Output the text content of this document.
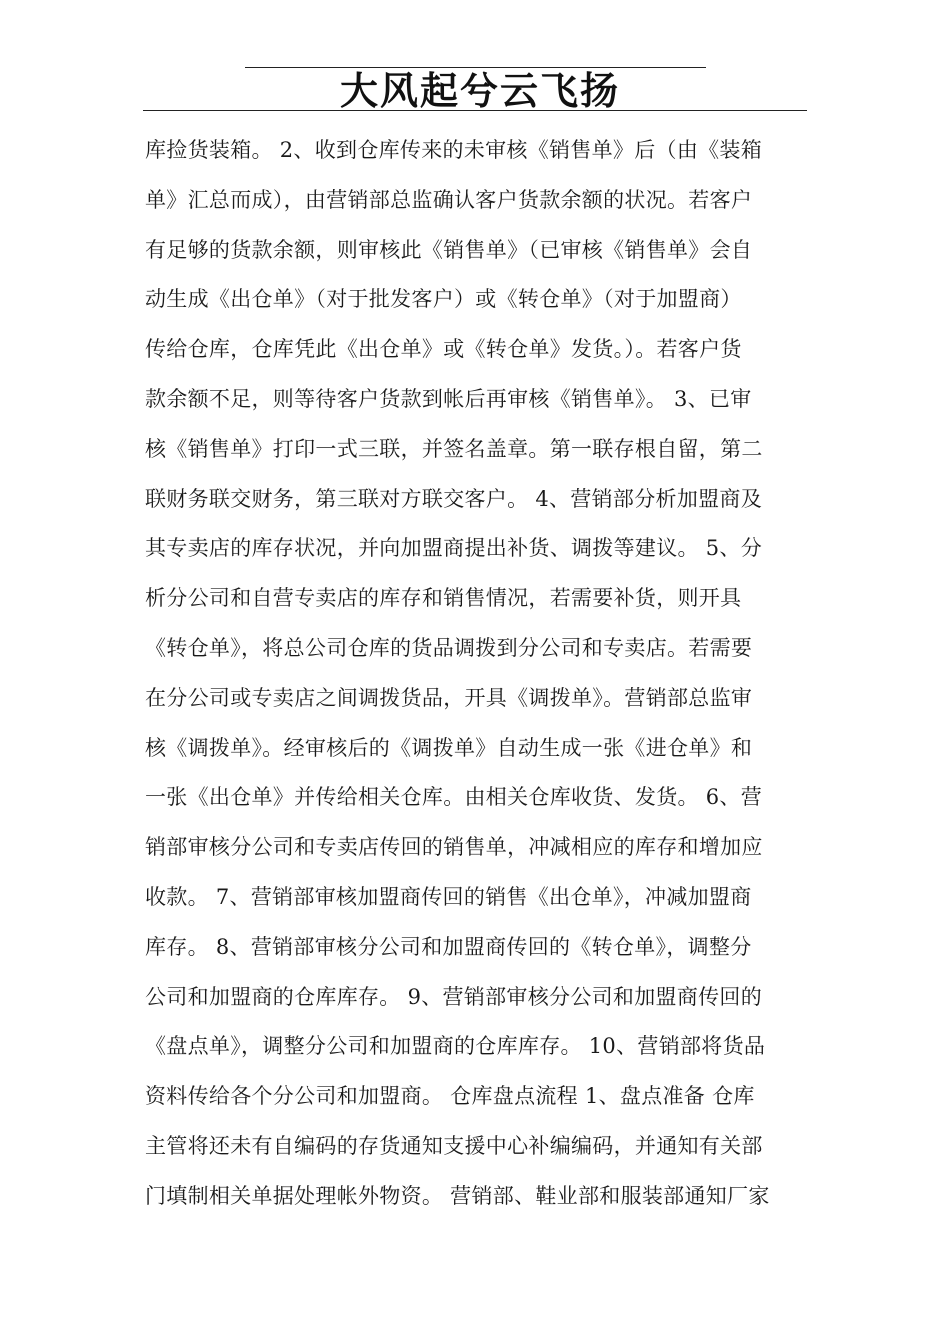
大风起兮云飞扬
库捡货装箱。 2、收到仓库传来的未审核《销售单》后（由《装箱
单》汇总而成），由营销部总监确认客户货款余额的状况。若客户
有足够的货款余额，则审核此《销售单》（已审核《销售单》会自
动生成《出仓单》（对于批发客户）或《转仓单》（对于加盟商）
传给仓库，仓库凭此《出仓单》或《转仓单》发货。）。若客户货
款余额不足，则等待客户货款到帐后再审核《销售单》。 3、已审
核《销售单》打印一式三联，并签名盖章。第一联存根自留，第二
联财务联交财务，第三联对方联交客户。 4、营销部分析加盟商及
其专卖店的库存状况，并向加盟商提出补货、调拨等建议。 5、分
析分公司和自营专卖店的库存和销售情况，若需要补货，则开具
《转仓单》，将总公司仓库的货品调拨到分公司和专卖店。若需要
在分公司或专卖店之间调拨货品，开具《调拨单》。营销部总监审
核《调拨单》。经审核后的《调拨单》自动生成一张《进仓单》和
一张《出仓单》并传给相关仓库。由相关仓库收货、发货。 6、营
销部审核分公司和专卖店传回的销售单，冲减相应的库存和增加应
收款。 7、营销部审核加盟商传回的销售《出仓单》，冲减加盟商
库存。 8、营销部审核分公司和加盟商传回的《转仓单》，调整分
公司和加盟商的仓库库存。 9、营销部审核分公司和加盟商传回的
《盘点单》，调整分公司和加盟商的仓库库存。 10、营销部将货品
资料传给各个分公司和加盟商。 仓库盘点流程 1、盘点准备 仓库
主管将还未有自编码的存货通知支援中心补编编码，并通知有关部
门填制相关单据处理帐外物资。 营销部、鞋业部和服装部通知厂家
